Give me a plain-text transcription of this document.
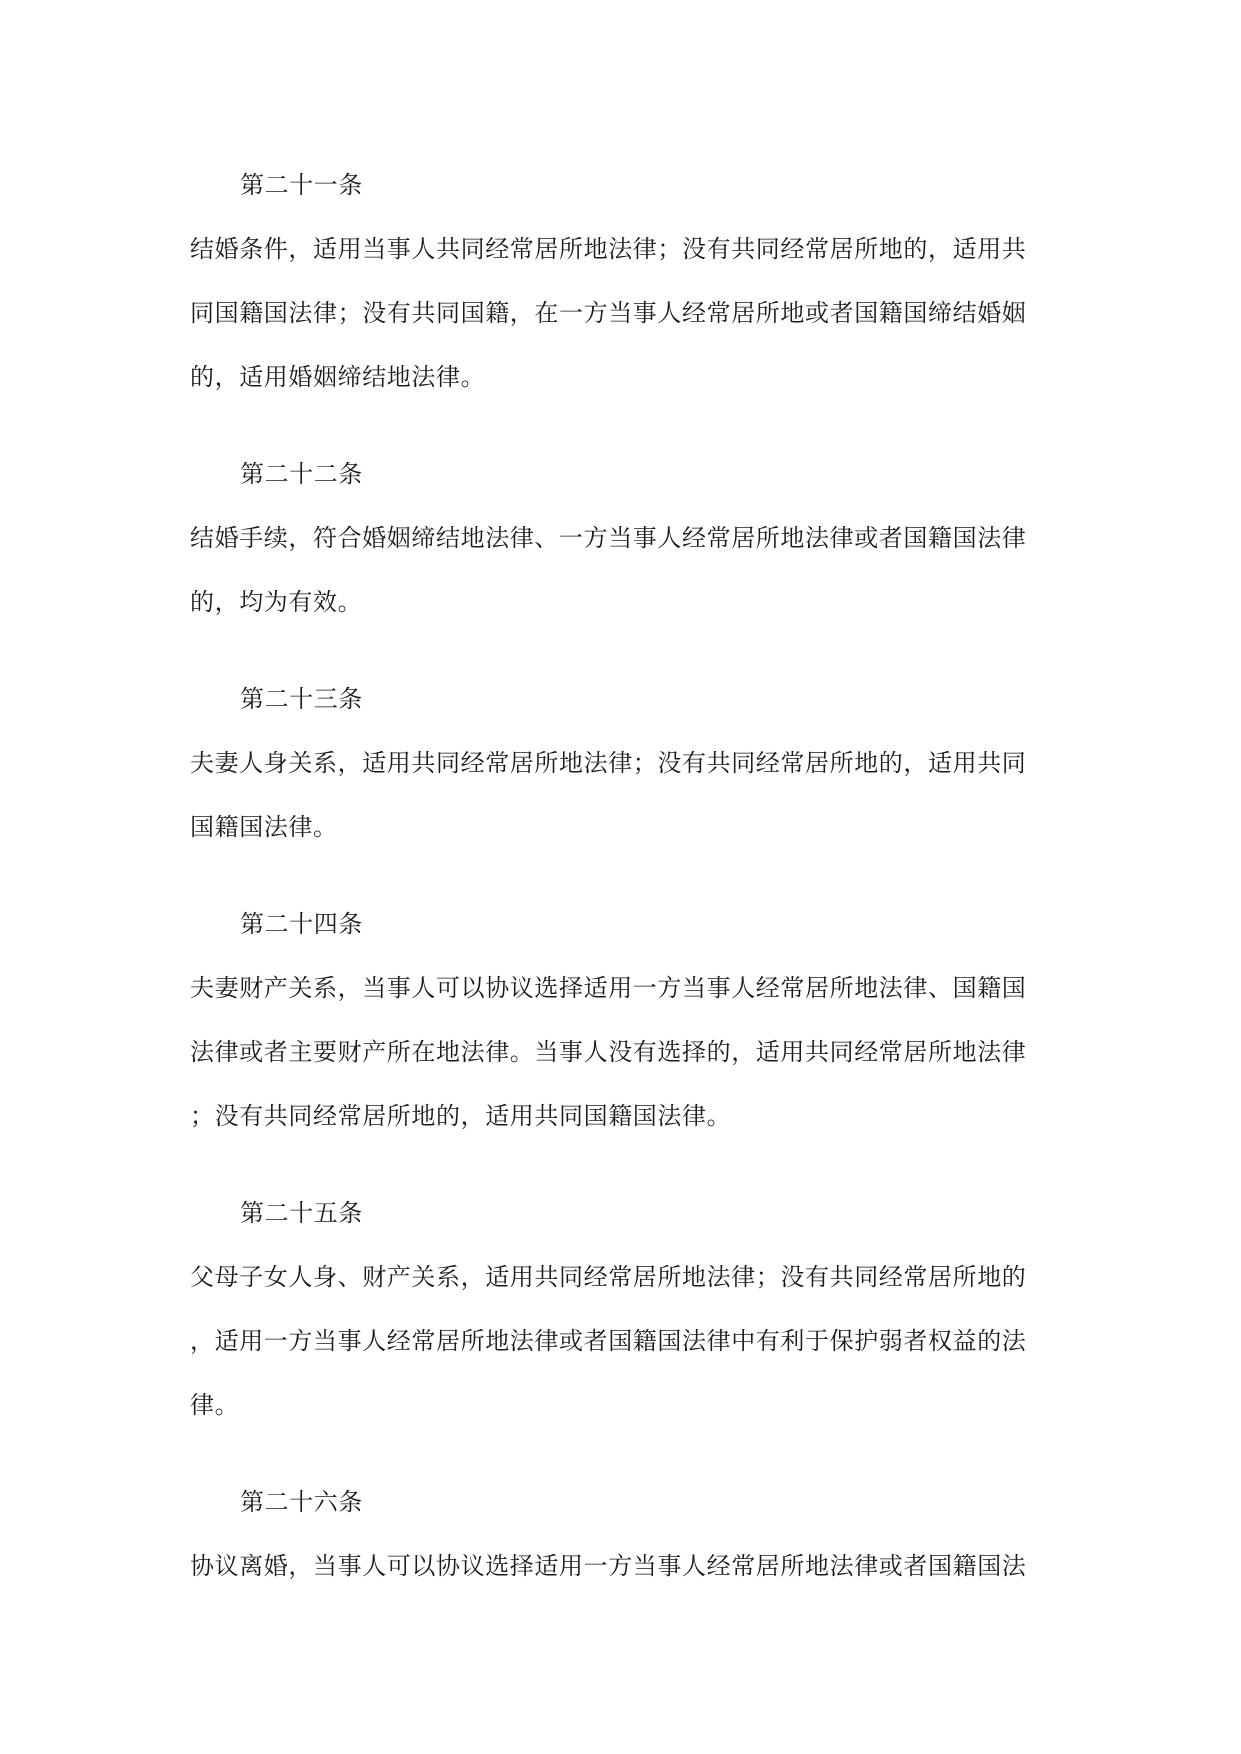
第二十一条
结婚条件，适用当事人共同经常居所地法律；没有共同经常居所地的，适用共
同国籍国法律；没有共同国籍，在一方当事人经常居所地或者国籍国缔结婚姻
的，适用婚姻缔结地法律。
第二十二条
结婚手续，符合婚姻缔结地法律、一方当事人经常居所地法律或者国籍国法律
的，均为有效。
第二十三条
夫妻人身关系，适用共同经常居所地法律；没有共同经常居所地的，适用共同
国籍国法律。
第二十四条
夫妻财产关系，当事人可以协议选择适用一方当事人经常居所地法律、国籍国
法律或者主要财产所在地法律。当事人没有选择的，适用共同经常居所地法律
；没有共同经常居所地的，适用共同国籍国法律。
第二十五条
父母子女人身、财产关系，适用共同经常居所地法律；没有共同经常居所地的
，适用一方当事人经常居所地法律或者国籍国法律中有利于保护弱者权益的法
律。
第二十六条
协议离婚，当事人可以协议选择适用一方当事人经常居所地法律或者国籍国法
